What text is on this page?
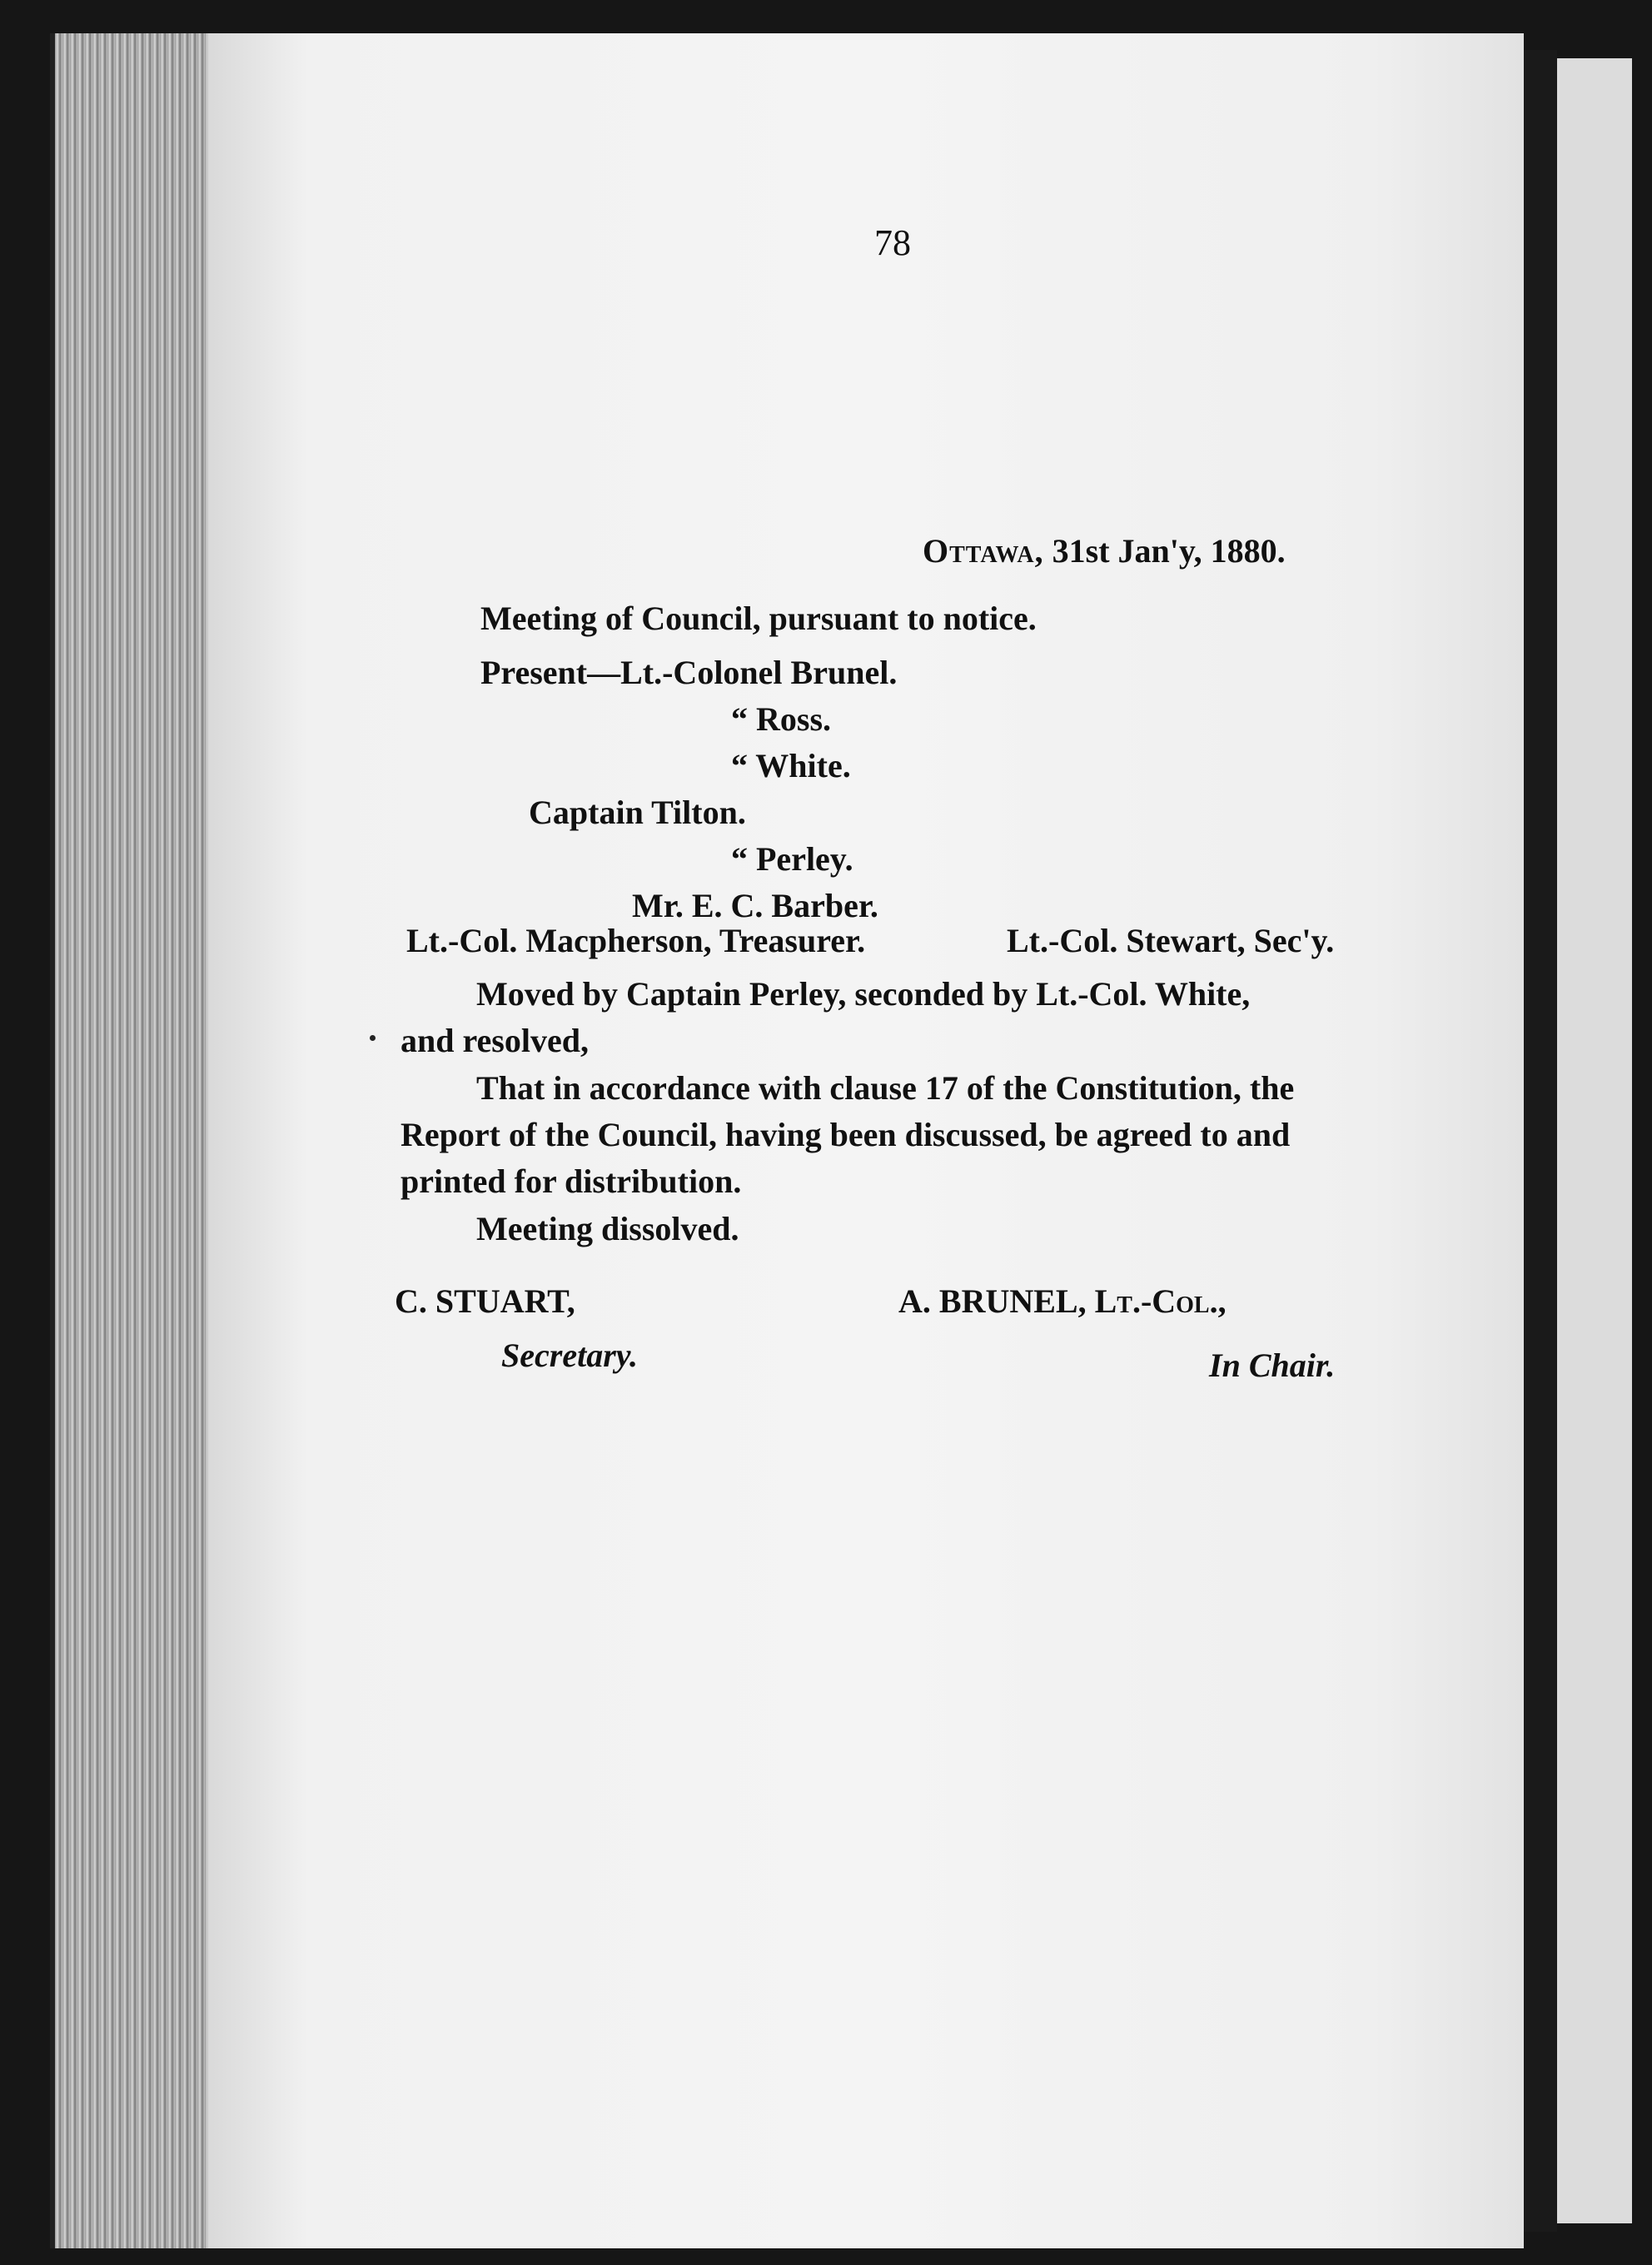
78
Ottawa, 31st Jan'y, 1880.
Meeting of Council, pursuant to notice.
Present—Lt.-Colonel Brunel.
“ Ross.
“ White.
Captain Tilton.
“ Perley.
Mr. E. C. Barber.
Lt.-Col. Macpherson, Treasurer.	Lt.-Col. Stewart, Sec'y.
Moved by Captain Perley, seconded by Lt.-Col. White,
and resolved,
That in accordance with clause 17 of the Constitution, the
Report of the Council, having been discussed, be agreed to and
printed for distribution.
Meeting dissolved.
C. STUART,	A. BRUNEL, Lt.-Col.,
Secretary.	In Chair.
